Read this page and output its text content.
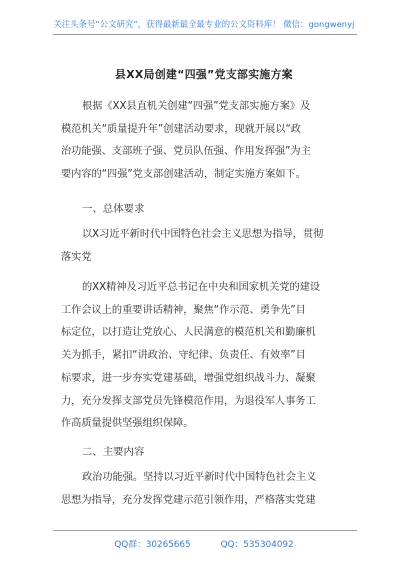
关注头条号“公文研究”，获得最新最全最专业的公文资料库！ 微信：gongwenyj
县XX局创建“四强”党支部实施方案
根据《XX县直机关创建“四强”党支部实施方案》及
模范机关“质量提升年”创建活动要求，现就开展以“政
治功能强、支部班子强、党员队伍强、作用发挥强”为主
要内容的“四强”党支部创建活动，制定实施方案如下。
一、总体要求
以X习近平新时代中国特色社会主义思想为指导，贯彻
落实党
的XX精神及习近平总书记在中央和国家机关党的建设
工作会议上的重要讲话精神，聚焦“作示范、勇争先”目
标定位，以打造让党放心、人民满意的模范机关和勤廉机
关为抓手，紧扣“讲政治、守纪律、负责任、有效率”目
标要求，进一步夯实党建基础，增强党组织战斗力、凝聚
力，充分发挥支部党员先锋模范作用，为退役军人事务工
作高质量提供坚强组织保障。
二、主要内容
政治功能强。坚持以习近平新时代中国特色社会主义
思想为指导，充分发挥党建示范引领作用，严格落实党建
QQ群：30265665	QQ：535304092
